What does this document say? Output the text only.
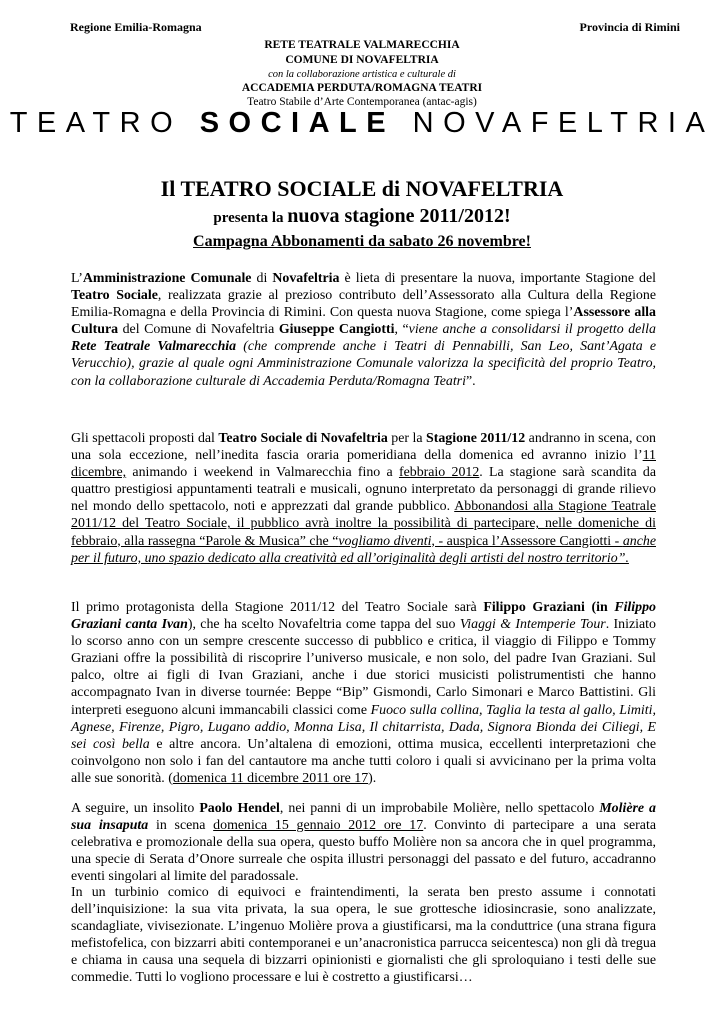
Regione Emilia-Romagna	Provincia di Rimini
RETE TEATRALE VALMARECCHIA
COMUNE DI NOVAFELTRIA
con la collaborazione artistica e culturale di
ACCADEMIA PERDUTA/ROMAGNA TEATRI
Teatro Stabile d’Arte Contemporanea (antac-agis)
TEATRO SOCIALE NOVAFELTRIA
Il TEATRO SOCIALE di NOVAFELTRIA
presenta la nuova stagione 2011/2012!
Campagna Abbonamenti da sabato 26 novembre!

L’Amministrazione Comunale di Novafeltria è lieta di presentare la nuova, importante Stagione del Teatro Sociale, realizzata grazie al prezioso contributo dell’Assessorato alla Cultura della Regione Emilia-Romagna e della Provincia di Rimini. Con questa nuova Stagione, come spiega l’Assessore alla Cultura del Comune di Novafeltria Giuseppe Cangiotti, “viene anche a consolidarsi il progetto della Rete Teatrale Valmarecchia (che comprende anche i Teatri di Pennabilli, San Leo, Sant’Agata e Verucchio), grazie al quale ogni Amministrazione Comunale valorizza la specificità del proprio Teatro, con la collaborazione culturale di Accademia Perduta/Romagna Teatri”.

Gli spettacoli proposti dal Teatro Sociale di Novafeltria per la Stagione 2011/12 andranno in scena, con una sola eccezione, nell’inedita fascia oraria pomeridiana della domenica ed avranno inizio l’11 dicembre, animando i weekend in Valmarecchia fino a febbraio 2012. La stagione sarà scandita da quattro prestigiosi appuntamenti teatrali e musicali, ognuno interpretato da personaggi di grande rilievo nel mondo dello spettacolo, noti e apprezzati dal grande pubblico. Abbonandosi alla Stagione Teatrale 2011/12 del Teatro Sociale, il pubblico avrà inoltre la possibilità di partecipare, nelle domeniche di febbraio, alla rassegna “Parole & Musica” che “vogliamo diventi, - auspica l’Assessore Cangiotti - anche per il futuro, uno spazio dedicato alla creatività ed all’originalità degli artisti del nostro territorio”.

Il primo protagonista della Stagione 2011/12 del Teatro Sociale sarà Filippo Graziani (in Filippo Graziani canta Ivan), che ha scelto Novafeltria come tappa del suo Viaggi & Intemperie Tour. Iniziato lo scorso anno con un sempre crescente successo di pubblico e critica, il viaggio di Filippo e Tommy Graziani offre la possibilità di riscoprire l’universo musicale, e non solo, del padre Ivan Graziani. Sul palco, oltre ai figli di Ivan Graziani, anche i due storici musicisti polistrumentisti che hanno accompagnato Ivan in diverse tournée: Beppe “Bip” Gismondi, Carlo Simonari e Marco Battistini. Gli interpreti eseguono alcuni immancabili classici come Fuoco sulla collina, Taglia la testa al gallo, Limiti, Agnese, Firenze, Pigro, Lugano addio, Monna Lisa, Il chitarrista, Dada, Signora Bionda dei Ciliegi, E sei così bella e altre ancora. Un’altalena di emozioni, ottima musica, eccellenti interpretazioni che coinvolgono non solo i fan del cantautore ma anche tutti coloro i quali si avvicinano per la prima volta alle sue sonorità. (domenica 11 dicembre 2011 ore 17).

A seguire, un insolito Paolo Hendel, nei panni di un improbabile Molière, nello spettacolo Molière a sua insaputa in scena domenica 15 gennaio 2012 ore 17. Convinto di partecipare a una serata celebrativa e promozionale della sua opera, questo buffo Molière non sa ancora che in quel programma, una specie di Serata d’Onore surreale che ospita illustri personaggi del passato e del futuro, accadranno eventi singolari al limite del paradossale.

In un turbinio comico di equivoci e fraintendimenti, la serata ben presto assume i connotati dell’inquisizione: la sua vita privata, la sua opera, le sue grottesche idiosincrasie, sono analizzate, scandagliate, vivisezionate. L’ingenuo Molière prova a giustificarsi, ma la conduttrice (una strana figura mefistofelica, con bizzarri abiti contemporanei e un’anacronistica parrucca seicentesca) non gli dà tregua e chiama in causa una sequela di bizzarri opinionisti e giornalisti che gli sproloquiano i testi delle sue commedie. Tutti lo vogliono processare e lui è costretto a giustificarsi…
